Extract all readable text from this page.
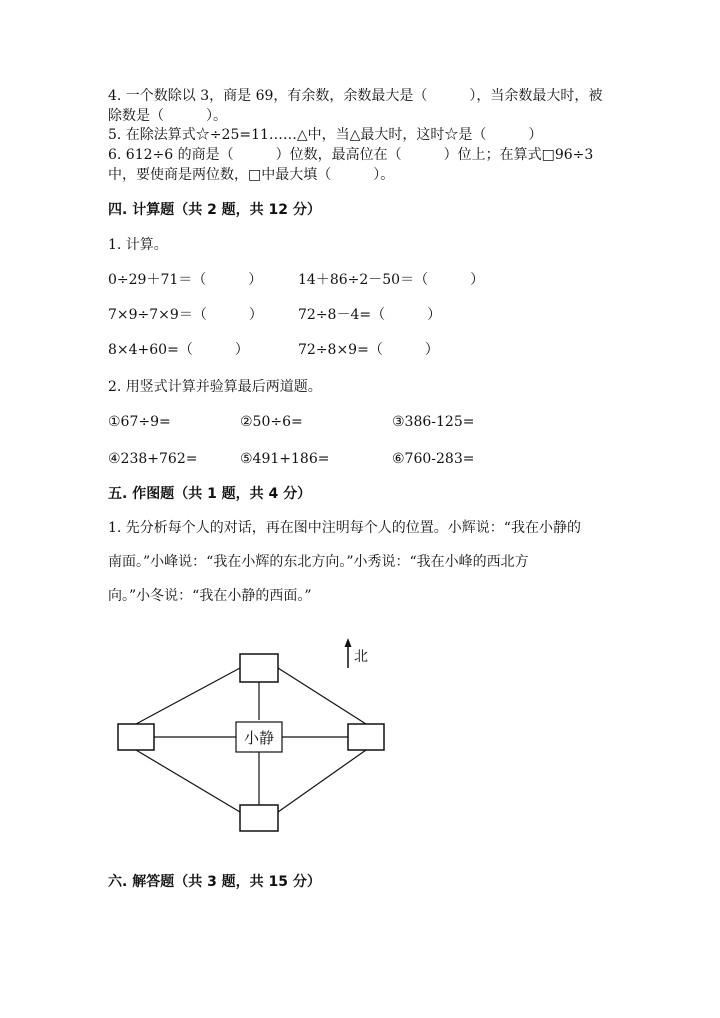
4. 一个数除以 3，商是 69，有余数，余数最大是（　　　），当余数最大时，被
除数是（　　　）。
5. 在除法算式☆÷25=11……△中，当△最大时，这时☆是（　　　）
6. 612÷6 的商是（　　　）位数，最高位在（　　　）位上；在算式□96÷3
中，要使商是两位数，□中最大填（　　　）。
四. 计算题（共 2 题，共 12 分）
1. 计算。
0÷29＋71＝（　　　）	14＋86÷2－50＝（　　　）
7×9÷7×9＝（　　　）	72÷8－4=（　　　）
8×4+60=（　　　）	72÷8×9=（　　　）
2. 用竖式计算并验算最后两道题。
①67÷9=	②50÷6=	③386-125=
④238+762=	⑤491+186=	⑥760-283=
五. 作图题（共 1 题，共 4 分）
1. 先分析每个人的对话，再在图中注明每个人的位置。小辉说：“我在小静的
南面。”小峰说：“我在小辉的东北方向。”小秀说：“我在小峰的西北方
向。”小冬说：“我在小静的西面。”
小静
北
六. 解答题（共 3 题，共 15 分）
